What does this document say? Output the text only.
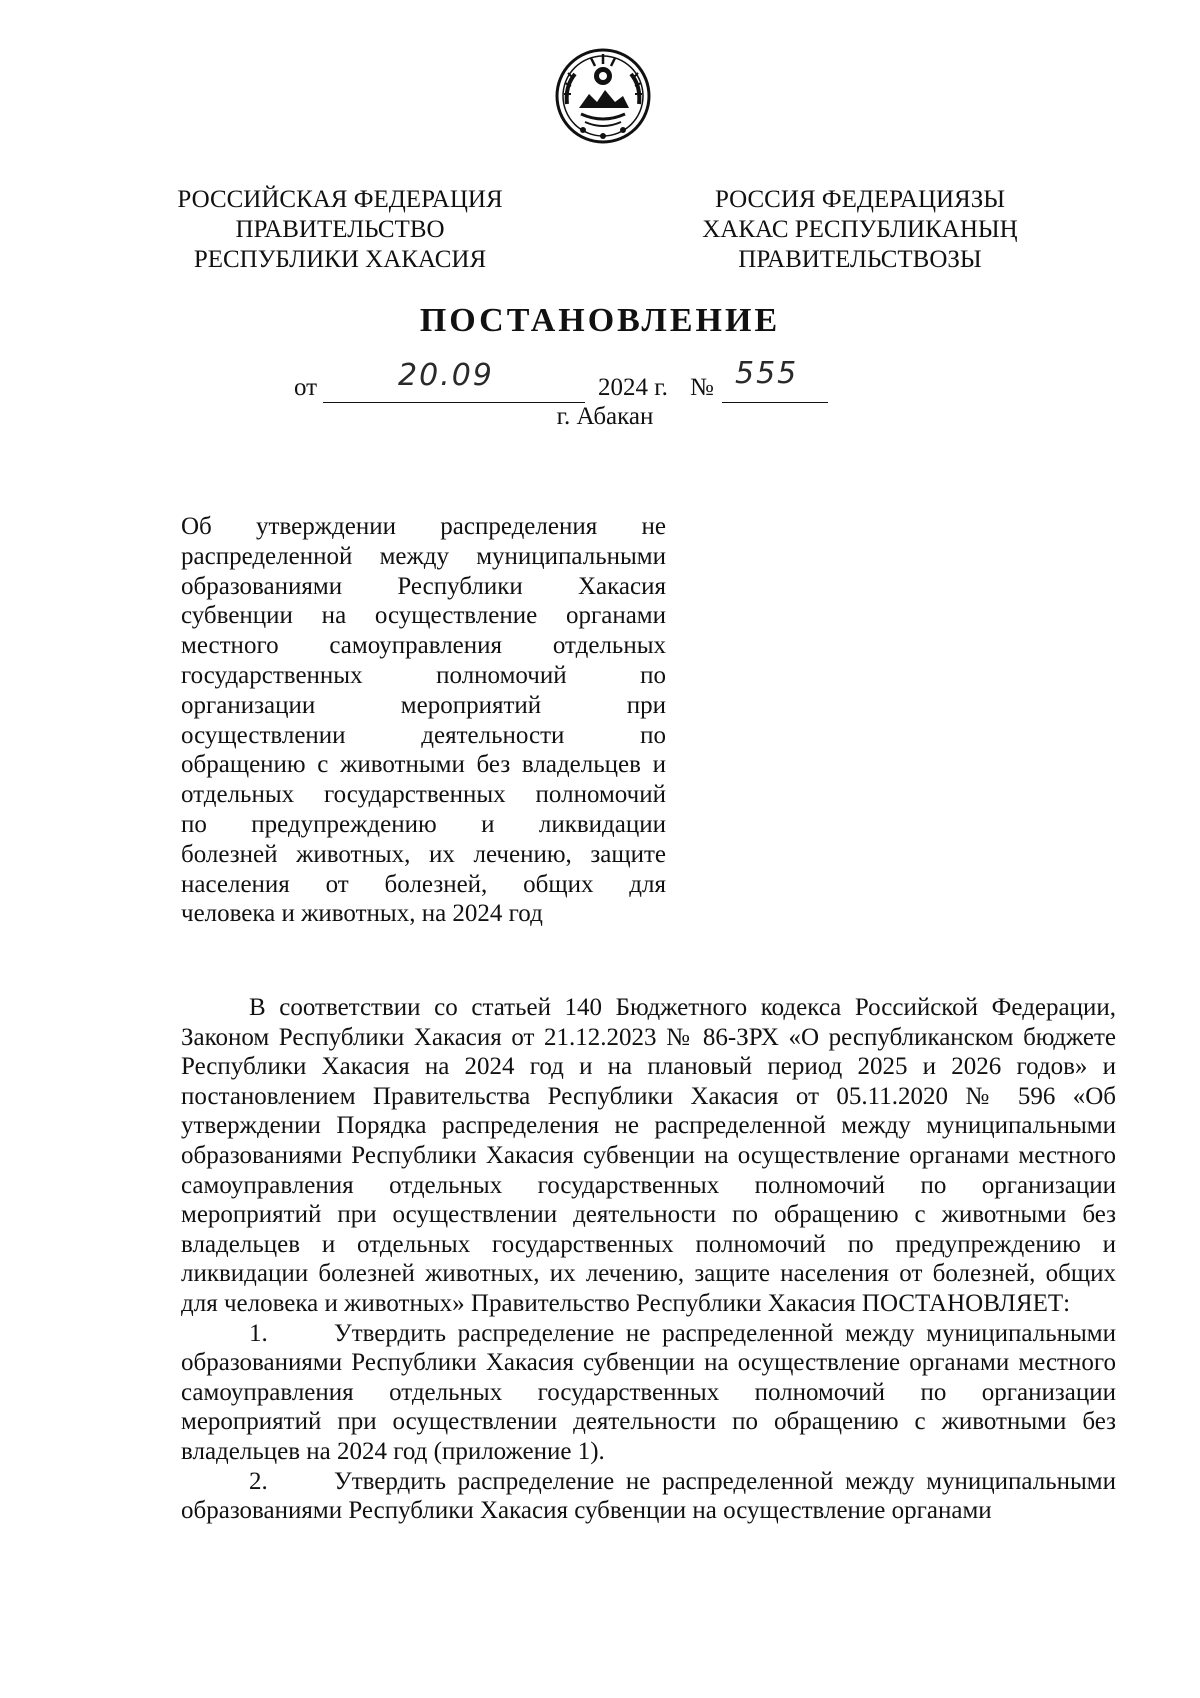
РОССИЙСКАЯ ФЕДЕРАЦИЯ
ПРАВИТЕЛЬСТВО
РЕСПУБЛИКИ ХАКАСИЯ
РОССИЯ ФЕДЕРАЦИЯЗЫ
ХАКАС РЕСПУБЛИКАНЫҢ
ПРАВИТЕЛЬСТВОЗЫ
ПОСТАНОВЛЕНИЕ
от	20.09	2024 г. № 555
г. Абакан
Об утверждении распределения не
распределенной между муниципальными
образованиями Республики Хакасия
субвенции на осуществление органами
местного самоуправления отдельных
государственных полномочий по
организации мероприятий при
осуществлении деятельности по
обращению с животными без владельцев и
отдельных государственных полномочий
по предупреждению и ликвидации
болезней животных, их лечению, защите
населения от болезней, общих для
человека и животных, на 2024 год

В соответствии со статьей 140 Бюджетного кодекса Российской Федерации, Законом Республики Хакасия от 21.12.2023 № 86-ЗРХ «О республиканском бюджете Республики Хакасия на 2024 год и на плановый период 2025 и 2026 годов» и постановлением Правительства Республики Хакасия от 05.11.2020 № 596 «Об утверждении Порядка распределения не распределенной между муниципальными образованиями Республики Хакасия субвенции на осуществление органами местного самоуправления отдельных государственных полномочий по организации мероприятий при осуществлении деятельности по обращению с животными без владельцев и отдельных государственных полномочий по предупреждению и ликвидации болезней животных, их лечению, защите населения от болезней, общих для человека и животных» Правительство Республики Хакасия ПОСТАНОВЛЯЕТ:

1.	Утвердить распределение не распределенной между муниципальными образованиями Республики Хакасия субвенции на осуществление органами местного самоуправления отдельных государственных полномочий по организации мероприятий при осуществлении деятельности по обращению с животными без владельцев на 2024 год (приложение 1).

2.	Утвердить распределение не распределенной между муниципальными образованиями Республики Хакасия субвенции на осуществление органами
